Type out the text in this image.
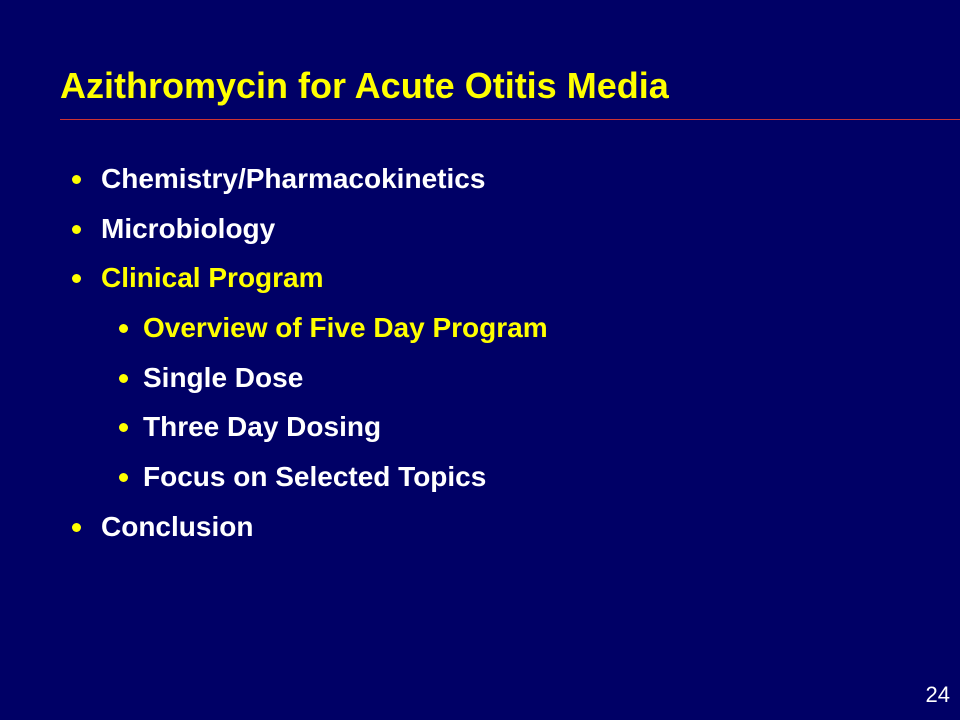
Azithromycin for Acute Otitis Media
Chemistry/Pharmacokinetics
Microbiology
Clinical Program
Overview of Five Day Program
Single Dose
Three Day Dosing
Focus on Selected Topics
Conclusion
24
